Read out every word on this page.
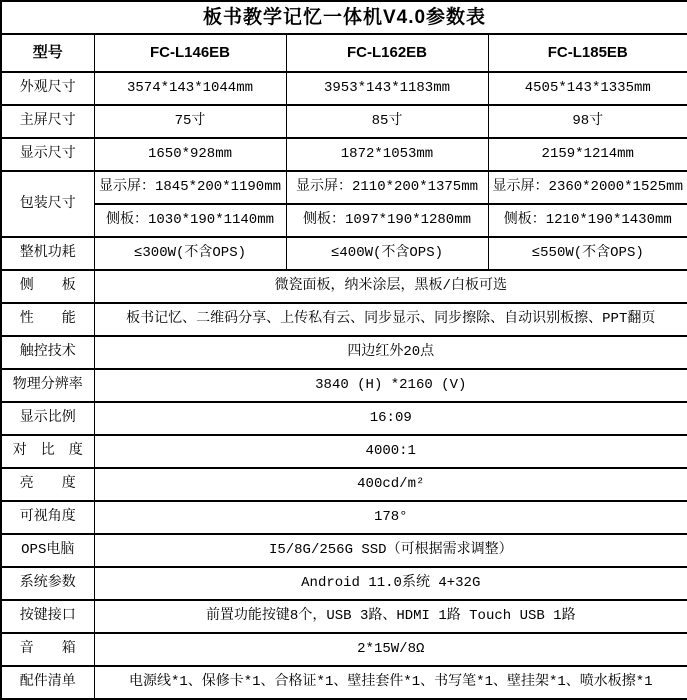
板书教学记忆一体机V4.0参数表			
型号	FC-L146EB	FC-L162EB	FC-L185EB
外观尺寸	3574*143*1044mm	3953*143*1183mm	4505*143*1335mm
主屏尺寸	75寸	85寸	98寸
显示尺寸	1650*928mm	1872*1053mm	2159*1214mm
包装尺寸	显示屏：1845*200*1190mm	显示屏：2110*200*1375mm	显示屏：2360*2000*1525mm
	侧板：1030*190*1140mm	侧板：1097*190*1280mm	侧板：1210*190*1430mm
整机功耗	≤300W(不含OPS)	≤400W(不含OPS)	≤550W(不含OPS)
侧　　板	微瓷面板，纳米涂层，黑板/白板可选		
性　　能	板书记忆、二维码分享、上传私有云、同步显示、同步擦除、自动识别板擦、PPT翻页		
触控技术	四边红外20点		
物理分辨率	3840 (H) *2160 (V)		
显示比例	16:09		
对　比　度	4000:1		
亮　　度	400cd/m²		
可视角度	178°		
OPS电脑	I5/8G/256G SSD（可根据需求调整）		
系统参数	Android 11.0系统 4+32G		
按键接口	前置功能按键8个，USB 3路、HDMI 1路 Touch USB 1路		
音　　箱	2*15W/8Ω		
配件清单	电源线*1、保修卡*1、合格证*1、壁挂套件*1、书写笔*1、壁挂架*1、喷水板擦*1		
